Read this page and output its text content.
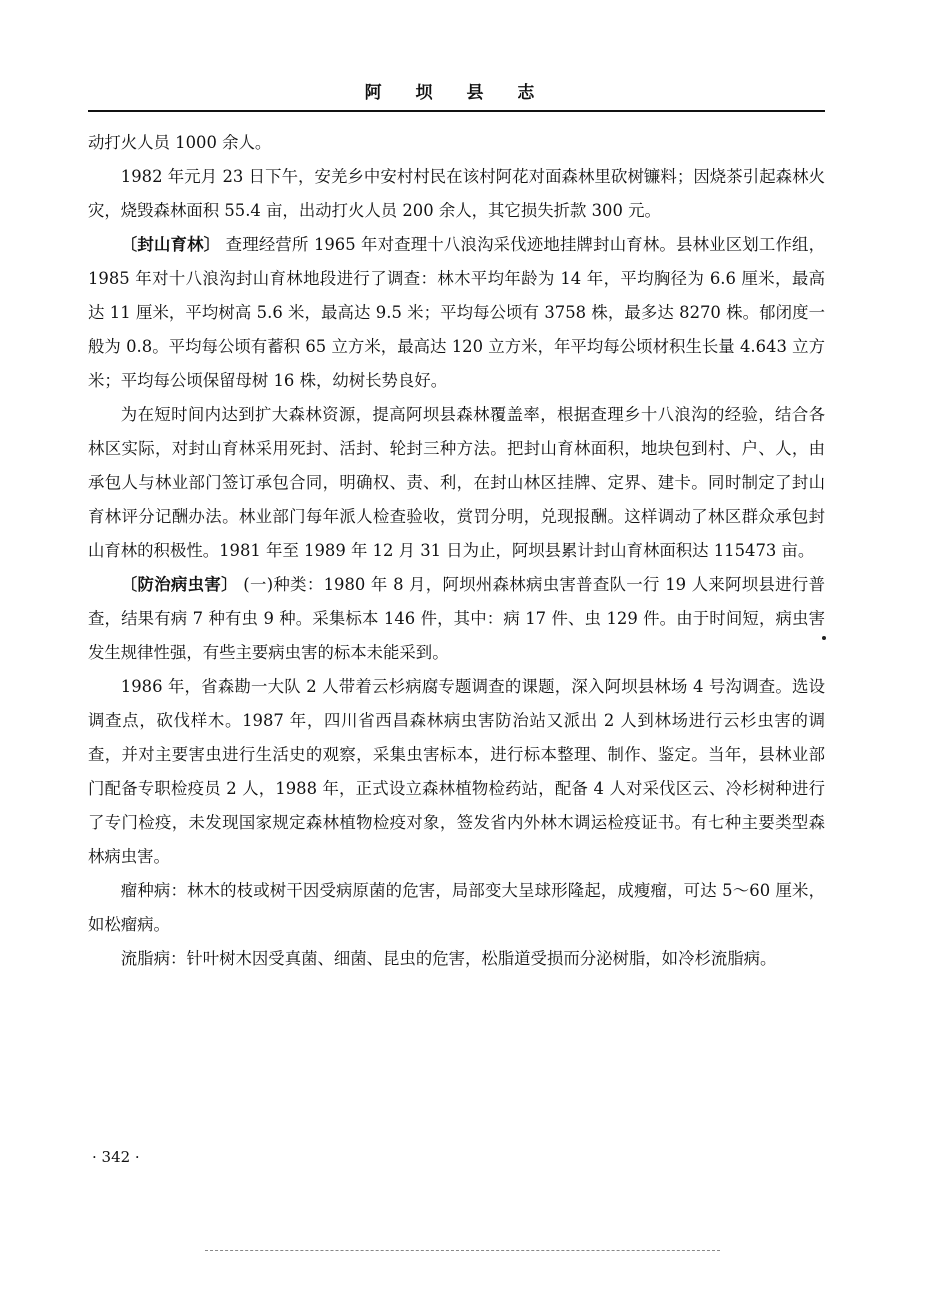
阿 坝 县 志

动打火人员 1000 余人。

1982 年元月 23 日下午，安羌乡中安村村民在该村阿花对面森林里砍树镰料；因烧茶引起森林火灾，烧毁森林面积 55.4 亩，出动打火人员 200 余人，其它损失折款 300 元。

〔封山育林〕 查理经营所 1965 年对查理十八浪沟采伐迹地挂牌封山育林。县林业区划工作组，1985 年对十八浪沟封山育林地段进行了调查：林木平均年龄为 14 年，平均胸径为 6.6 厘米，最高达 11 厘米，平均树高 5.6 米，最高达 9.5 米；平均每公顷有 3758 株，最多达 8270 株。郁闭度一般为 0.8。平均每公顷有蓄积 65 立方米，最高达 120 立方米，年平均每公顷材积生长量 4.643 立方米；平均每公顷保留母树 16 株，幼树长势良好。

为在短时间内达到扩大森林资源，提高阿坝县森林覆盖率，根据查理乡十八浪沟的经验，结合各林区实际，对封山育林采用死封、活封、轮封三种方法。把封山育林面积，地块包到村、户、人，由承包人与林业部门签订承包合同，明确权、责、利，在封山林区挂牌、定界、建卡。同时制定了封山育林评分记酬办法。林业部门每年派人检查验收，赏罚分明，兑现报酬。这样调动了林区群众承包封山育林的积极性。1981 年至 1989 年 12 月 31 日为止，阿坝县累计封山育林面积达 115473 亩。

〔防治病虫害〕 (一)种类：1980 年 8 月，阿坝州森林病虫害普查队一行 19 人来阿坝县进行普查，结果有病 7 种有虫 9 种。采集标本 146 件，其中：病 17 件、虫 129 件。由于时间短，病虫害发生规律性强，有些主要病虫害的标本未能采到。

1986 年，省森勘一大队 2 人带着云杉病腐专题调查的课题，深入阿坝县林场 4 号沟调查。选设调查点，砍伐样木。1987 年，四川省西昌森林病虫害防治站又派出 2 人到林场进行云杉虫害的调查，并对主要害虫进行生活史的观察，采集虫害标本，进行标本整理、制作、鉴定。当年，县林业部门配备专职检疫员 2 人，1988 年，正式设立森林植物检药站，配备 4 人对采伐区云、冷杉树种进行了专门检疫，未发现国家规定森林植物检疫对象，签发省内外林木调运检疫证书。有七种主要类型森林病虫害。

瘤种病：林木的枝或树干因受病原菌的危害，局部变大呈球形隆起，成瘦瘤，可达 5～60 厘米，如松瘤病。

流脂病：针叶树木因受真菌、细菌、昆虫的危害，松脂道受损而分泌树脂，如冷杉流脂病。

· 342 ·
